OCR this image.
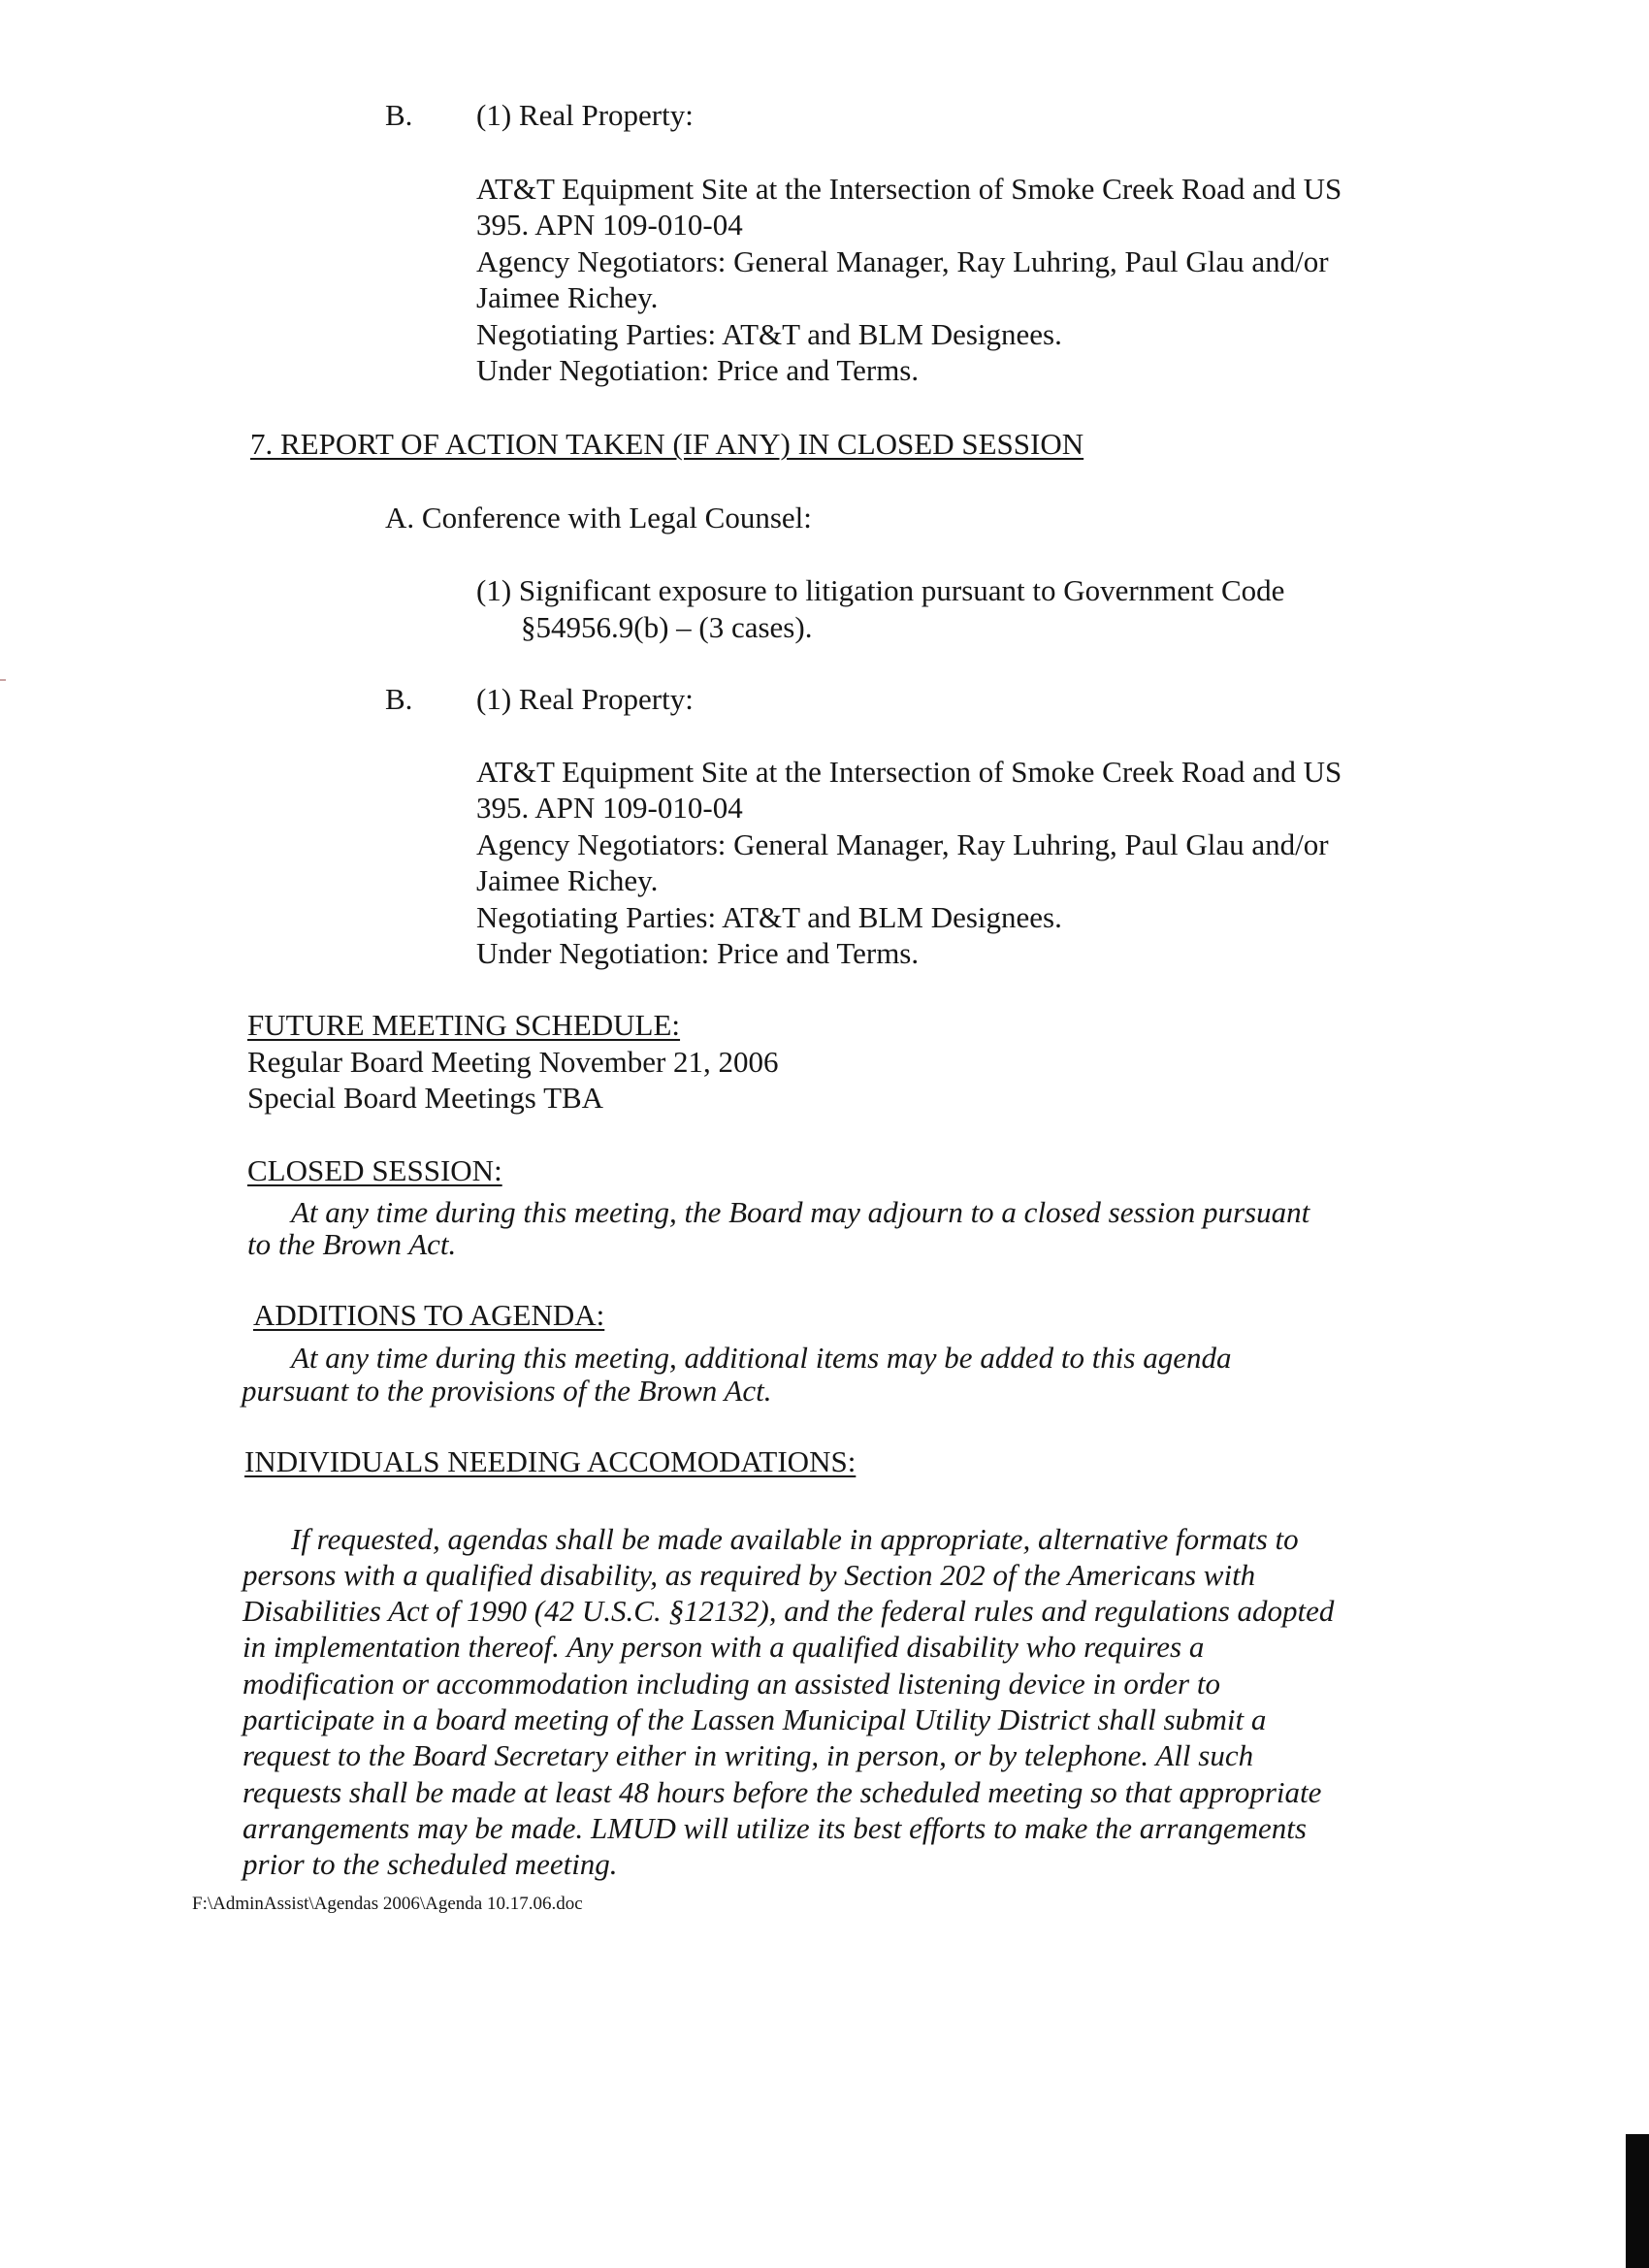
B. (1) Real Property:
AT&T Equipment Site at the Intersection of Smoke Creek Road and US
395. APN 109-010-04
Agency Negotiators: General Manager, Ray Luhring, Paul Glau and/or
Jaimee Richey.
Negotiating Parties: AT&T and BLM Designees.
Under Negotiation: Price and Terms.
7. REPORT OF ACTION TAKEN (IF ANY) IN CLOSED SESSION
A. Conference with Legal Counsel:
(1) Significant exposure to litigation pursuant to Government Code
§54956.9(b) – (3 cases).
B. (1) Real Property:
AT&T Equipment Site at the Intersection of Smoke Creek Road and US
395. APN 109-010-04
Agency Negotiators: General Manager, Ray Luhring, Paul Glau and/or
Jaimee Richey.
Negotiating Parties: AT&T and BLM Designees.
Under Negotiation: Price and Terms.
FUTURE MEETING SCHEDULE:
Regular Board Meeting November 21, 2006
Special Board Meetings TBA
CLOSED SESSION:
At any time during this meeting, the Board may adjourn to a closed session pursuant
to the Brown Act.
ADDITIONS TO AGENDA:
At any time during this meeting, additional items may be added to this agenda
pursuant to the provisions of the Brown Act.
INDIVIDUALS NEEDING ACCOMODATIONS:
If requested, agendas shall be made available in appropriate, alternative formats to
persons with a qualified disability, as required by Section 202 of the Americans with
Disabilities Act of 1990 (42 U.S.C. §12132), and the federal rules and regulations adopted
in implementation thereof. Any person with a qualified disability who requires a
modification or accommodation including an assisted listening device in order to
participate in a board meeting of the Lassen Municipal Utility District shall submit a
request to the Board Secretary either in writing, in person, or by telephone. All such
requests shall be made at least 48 hours before the scheduled meeting so that appropriate
arrangements may be made. LMUD will utilize its best efforts to make the arrangements
prior to the scheduled meeting.
F:\AdminAssist\Agendas 2006\Agenda 10.17.06.doc
